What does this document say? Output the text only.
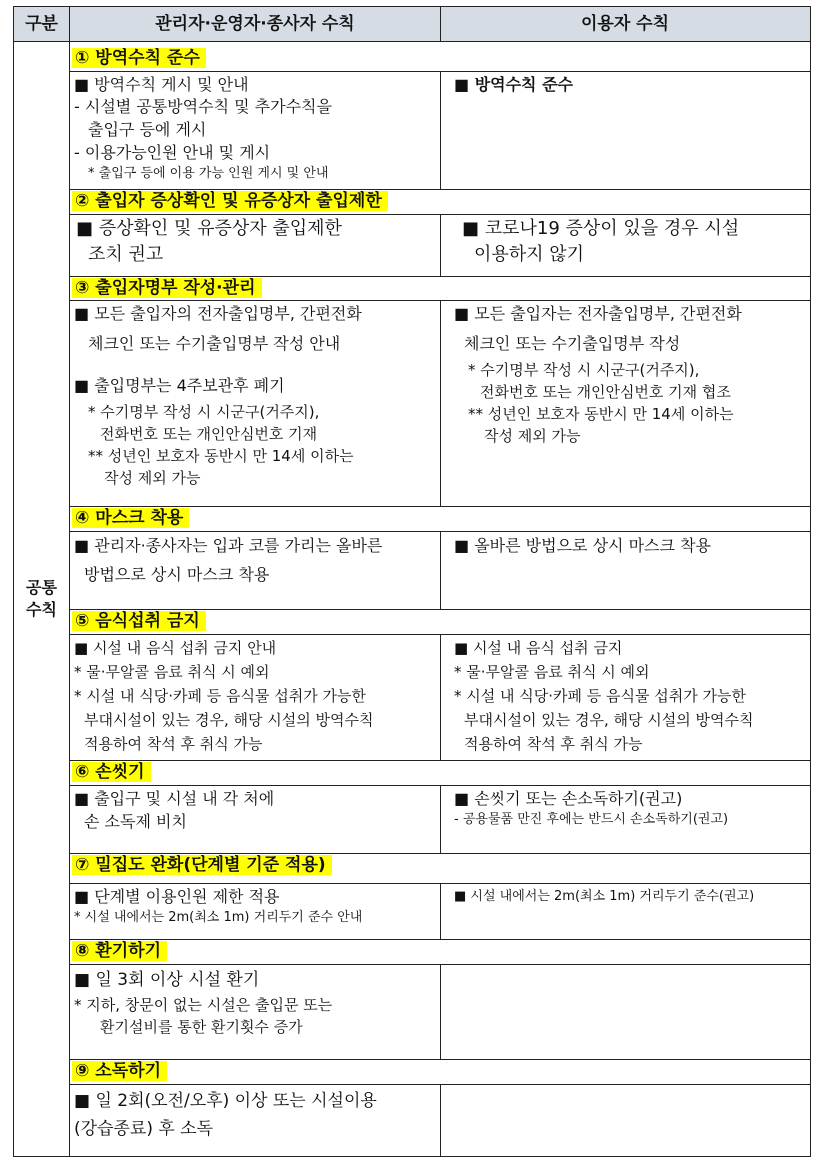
구분	관리자·운영자·종사자 수칙	이용자 수칙
공통
수칙
① 방역수칙 준수
■ 방역수칙 게시 및 안내
- 시설별 공통방역수칙 및 추가수칙을
출입구 등에 게시
- 이용가능인원 안내 및 게시
* 출입구 등에 이용 가능 인원 게시 및 안내
■ 방역수칙 준수
② 출입자 증상확인 및 유증상자 출입제한
■ 증상확인 및 유증상자 출입제한
조치 권고
■ 코로나19 증상이 있을 경우 시설
이용하지 않기
③ 출입자명부 작성·관리
■ 모든 출입자의 전자출입명부, 간편전화
체크인 또는 수기출입명부 작성 안내
■ 출입명부는 4주보관후 폐기
* 수기명부 작성 시 시군구(거주지),
전화번호 또는 개인안심번호 기재
** 성년인 보호자 동반시 만 14세 이하는
작성 제외 가능
■ 모든 출입자는 전자출입명부, 간편전화
체크인 또는 수기출입명부 작성
* 수기명부 작성 시 시군구(거주지),
전화번호 또는 개인안심번호 기재 협조
** 성년인 보호자 동반시 만 14세 이하는
작성 제외 가능
④ 마스크 착용
■ 관리자·종사자는 입과 코를 가리는 올바른
방법으로 상시 마스크 착용
■ 올바른 방법으로 상시 마스크 착용
⑤ 음식섭취 금지
■ 시설 내 음식 섭취 금지 안내
* 물·무알콜 음료 취식 시 예외
* 시설 내 식당·카페 등 음식물 섭취가 가능한
부대시설이 있는 경우, 해당 시설의 방역수칙
적용하여 착석 후 취식 가능
■ 시설 내 음식 섭취 금지
* 물·무알콜 음료 취식 시 예외
* 시설 내 식당·카페 등 음식물 섭취가 가능한
부대시설이 있는 경우, 해당 시설의 방역수칙
적용하여 착석 후 취식 가능
⑥ 손씻기
■ 출입구 및 시설 내 각 처에
손 소독제 비치
■ 손씻기 또는 손소독하기(권고)
- 공용물품 만진 후에는 반드시 손소독하기(권고)
⑦ 밀집도 완화(단계별 기준 적용)
■ 단계별 이용인원 제한 적용
* 시설 내에서는 2m(최소 1m) 거리두기 준수 안내
■ 시설 내에서는 2m(최소 1m) 거리두기 준수(권고)
⑧ 환기하기
■ 일 3회 이상 시설 환기
* 지하, 창문이 없는 시설은 출입문 또는
환기설비를 통한 환기횟수 증가
⑨ 소독하기
■ 일 2회(오전/오후) 이상 또는 시설이용
(강습종료) 후 소독
